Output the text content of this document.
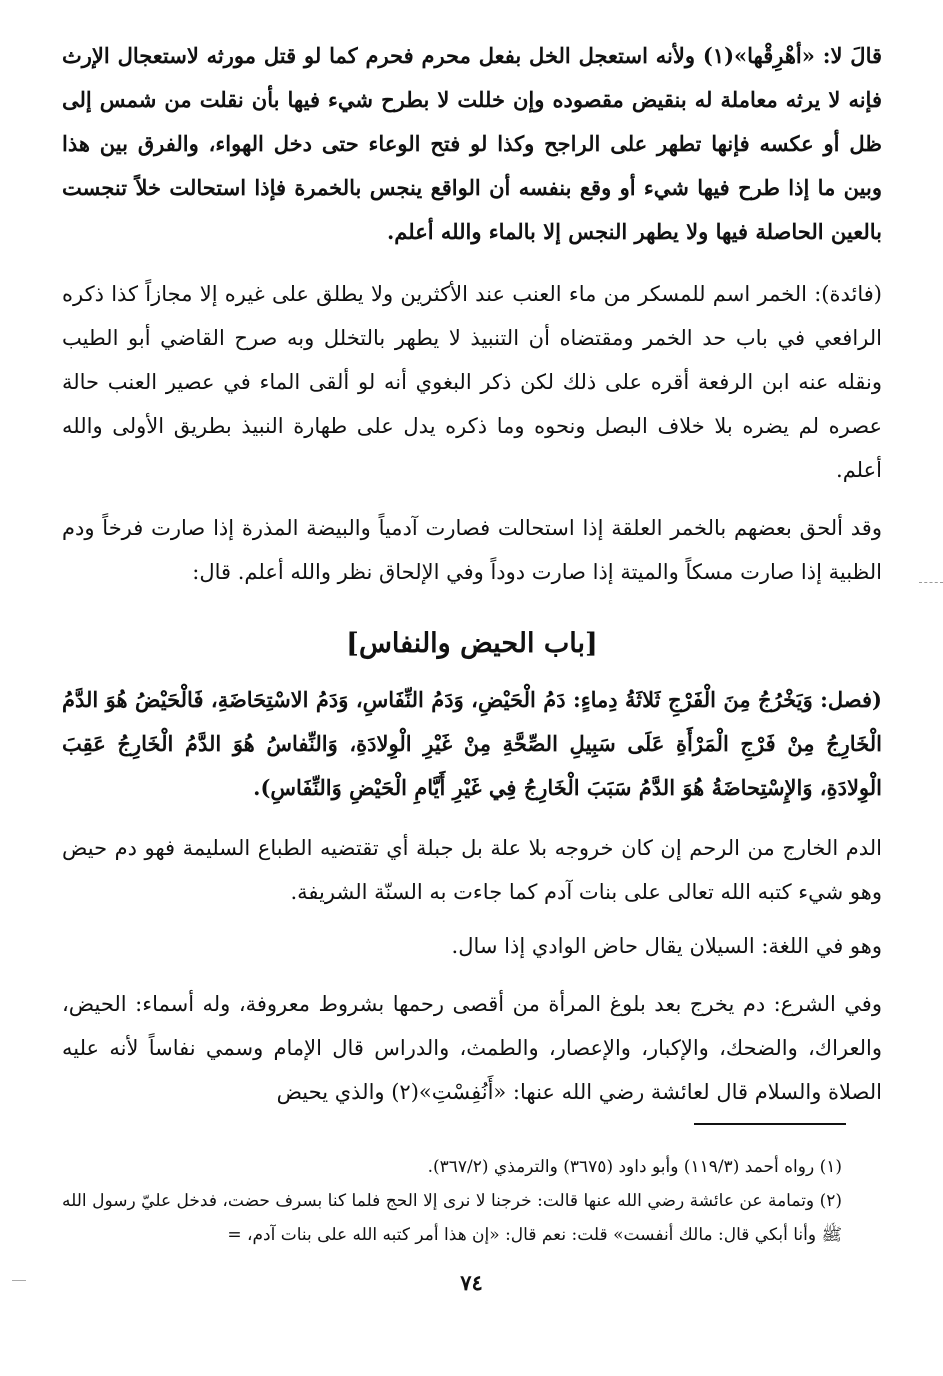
قالَ لا: «أهْرِقْها»(١) ولأنه استعجل الخل بفعل محرم فحرم كما لو قتل مورثه لاستعجال الإرث فإنه لا يرثه معاملة له بنقيض مقصوده وإن خللت لا بطرح شيء فيها بأن نقلت من شمس إلى ظل أو عكسه فإنها تطهر على الراجح وكذا لو فتح الوعاء حتى دخل الهواء، والفرق بين هذا وبين ما إذا طرح فيها شيء أو وقع بنفسه أن الواقع ينجس بالخمرة فإذا استحالت خلاً تنجست بالعين الحاصلة فيها ولا يطهر النجس إلا بالماء والله أعلم.

(فائدة): الخمر اسم للمسكر من ماء العنب عند الأكثرين ولا يطلق على غيره إلا مجازاً كذا ذكره الرافعي في باب حد الخمر ومقتضاه أن التنبيذ لا يطهر بالتخلل وبه صرح القاضي أبو الطيب ونقله عنه ابن الرفعة أقره على ذلك لكن ذكر البغوي أنه لو ألقى الماء في عصير العنب حالة عصره لم يضره بلا خلاف البصل ونحوه وما ذكره يدل على طهارة النبيذ بطريق الأولى والله أعلم.

وقد ألحق بعضهم بالخمر العلقة إذا استحالت فصارت آدمياً والبيضة المذرة إذا صارت فرخاً ودم الظبية إذا صارت مسكاً والميتة إذا صارت دوداً وفي الإلحاق نظر والله أعلم. قال:

[باب الحيض والنفاس]

(فصل: وَيَخْرُجُ مِنَ الْفَرْجِ ثَلاثَةُ دِماءٍ: دَمُ الْحَيْضِ، وَدَمُ النِّفَاسِ، وَدَمُ الاسْتِحَاضَةِ، فَالْحَيْضُ هُوَ الدَّمُ الْخَارِجُ مِنْ فَرْجِ الْمَرْأَةِ عَلَى سَبِيلِ الصِّحَّةِ مِنْ غَيْرِ الْوِلادَةِ، وَالنِّفاسُ هُوَ الدَّمُ الْخَارِجُ عَقِبَ الْوِلادَةِ، وَالإِسْتِحاضَةُ هُوَ الدَّمُ سَبَبَ الْخَارِجُ فِي غَيْرِ أَيَّامِ الْحَيْضِ وَالنِّفَاسِ).

الدم الخارج من الرحم إن كان خروجه بلا علة بل جبلة أي تقتضيه الطباع السليمة فهو دم حيض وهو شيء كتبه الله تعالى على بنات آدم كما جاءت به السنّة الشريفة.

وهو في اللغة: السيلان يقال حاض الوادي إذا سال.

وفي الشرع: دم يخرج بعد بلوغ المرأة من أقصى رحمها بشروط معروفة، وله أسماء: الحيض، والعراك، والضحك، والإكبار، والإعصار، والطمث، والدراس قال الإمام وسمي نفاساً لأنه عليه الصلاة والسلام قال لعائشة رضي الله عنها: «أَنُفِسْتِ»(٢) والذي يحيض

(١) رواه أحمد (١١٩/٣) وأبو داود (٣٦٧٥) والترمذي (٣٦٧/٢).

(٢) وتمامة عن عائشة رضي الله عنها قالت: خرجنا لا نرى إلا الحج فلما كنا بسرف حضت، فدخل عليّ رسول الله ﷺ وأنا أبكي قال: مالك أنفست» قلت: نعم قال: «إن هذا أمر كتبه الله على بنات آدم، =

٧٤
